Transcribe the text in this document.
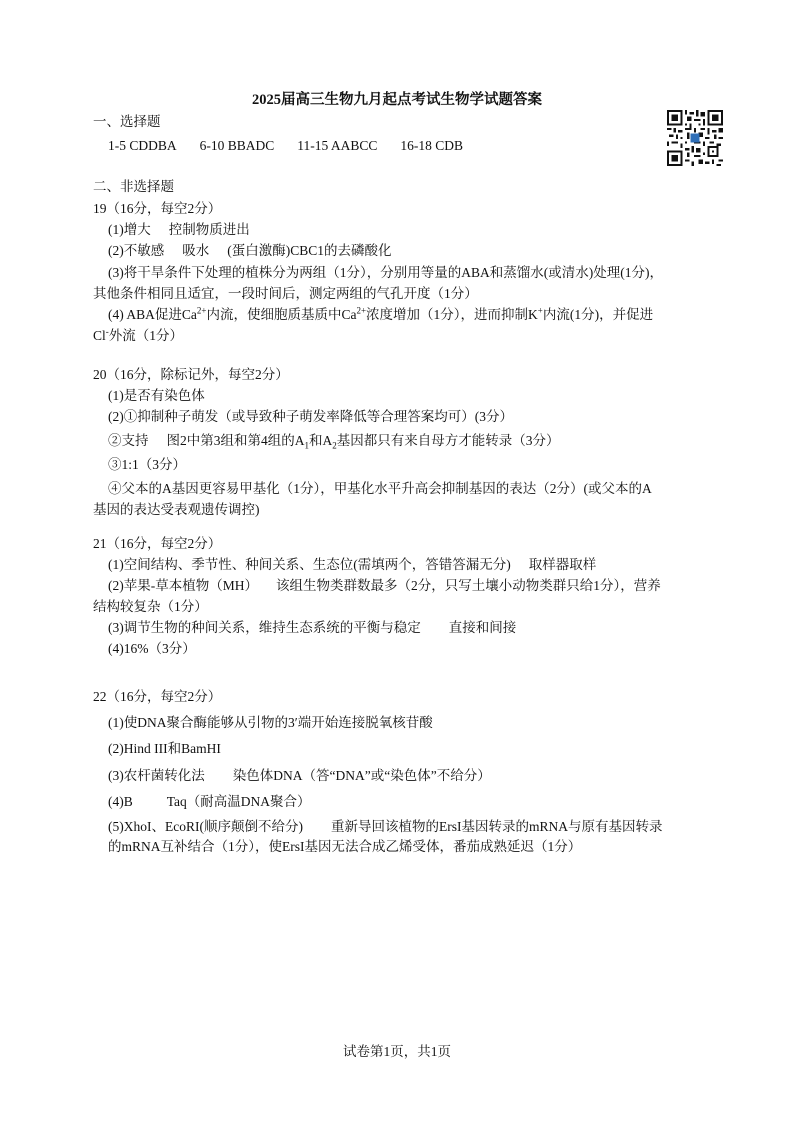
2025届高三生物九月起点考试生物学试题答案
一、选择题
1-5 CDDBA 6-10 BBADC 11-15 AABCC 16-18 CDB
二、非选择题
19（16分，每空2分）
(1)增大 控制物质进出
(2)不敏感 吸水 (蛋白激酶)CBC1的去磷酸化
(3)将干旱条件下处理的植株分为两组（1分），分别用等量的ABA和蒸馏水(或清水)处理(1分)，
其他条件相同且适宜，一段时间后，测定两组的气孔开度（1分）
(4) ABA促进$Ca^{2+}$内流，使细胞质基质中$Ca^{2+}$浓度增加（1分），进而抑制K+内流(1分)，并促进
Cl-外流（1分）
20（16分，除标记外，每空2分）
(1)是否有染色体
(2)①抑制种子萌发（或导致种子萌发率降低等合理答案均可）(3分）
②支持 图2中第3组和第4组的$A_1$和$A_2$基因都只有来自母方才能转录（3分）
③1:1（3分）
④父本的A基因更容易甲基化（1分），甲基化水平升高会抑制基因的表达（2分）(或父本的A
基因的表达受表观遗传调控)
21（16分，每空2分）
(1)空间结构、季节性、种间关系、生态位(需填两个，答错答漏无分) 取样器取样
(2)苹果-草本植物（MH） 该组生物类群数最多（2分，只写土壤小动物类群只给1分），营养
结构较复杂（1分）
(3)调节生物的种间关系，维持生态系统的平衡与稳定 直接和间接
(4)16%（3分）
22（16分，每空2分）
(1)使DNA聚合酶能够从引物的3′端开始连接脱氧核苷酸
(2)Hind III和BamHI
(3)农杆菌转化法 染色体DNA（答“DNA”或“染色体”不给分）
(4)B	Taq（耐高温DNA聚合）
(5)XhoI、EcoRI(顺序颠倒不给分) 重新导回该植物的ErsI基因转录的mRNA与原有基因转录
的mRNA互补结合（1分），使ErsI基因无法合成乙烯受体，番茄成熟延迟（1分）
试卷第1页，共1页
